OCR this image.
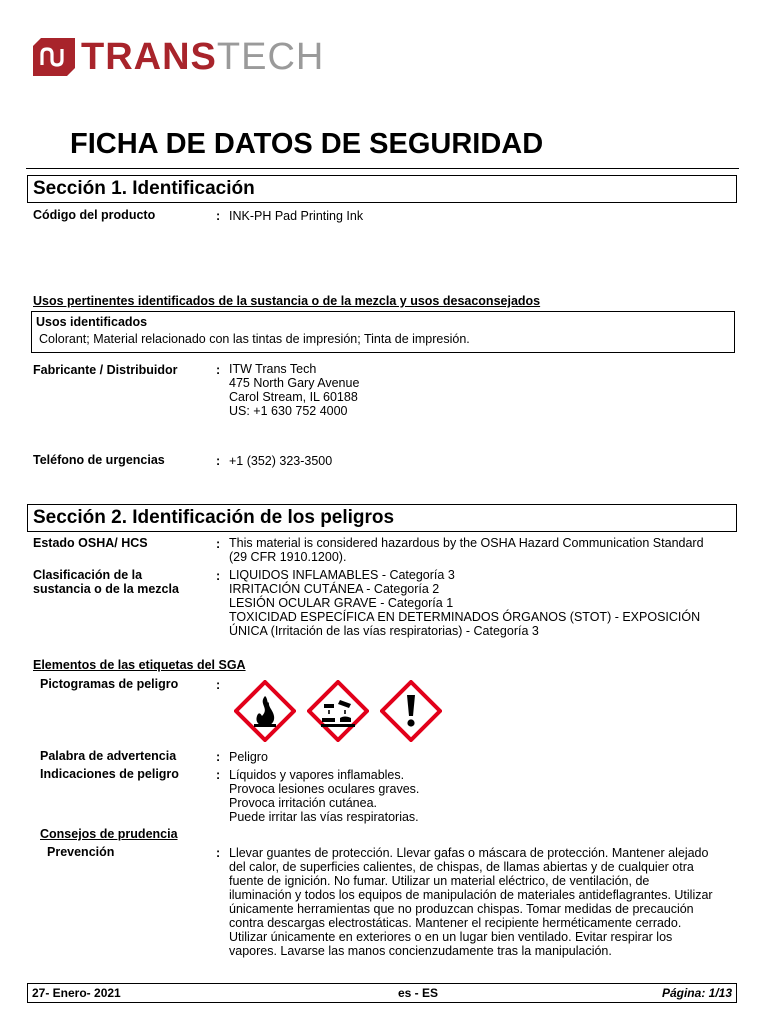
TRANSTECH
FICHA DE DATOS DE SEGURIDAD
Sección 1. Identificación
Código del producto	: INK-PH Pad Printing Ink
Usos pertinentes identificados de la sustancia o de la mezcla y usos desaconsejados
Usos identificados
Colorant; Material relacionado con las tintas de impresión; Tinta de impresión.
Fabricante / Distribuidor	: ITW Trans Tech
475 North Gary Avenue
Carol Stream, IL 60188
US: +1 630 752 4000
Teléfono de urgencias	: +1 (352) 323-3500
Sección 2. Identificación de los peligros
Estado OSHA/ HCS	: This material is considered hazardous by the OSHA Hazard Communication Standard
(29 CFR 1910.1200).
Clasificación de la
sustancia o de la mezcla
: LIQUIDOS INFLAMABLES - Categoría 3
IRRITACIÓN CUTÁNEA - Categoría 2
LESIÓN OCULAR GRAVE - Categoría 1
TOXICIDAD ESPECÍFICA EN DETERMINADOS ÓRGANOS (STOT) - EXPOSICIÓN
ÚNICA (Irritación de las vías respiratorias) - Categoría 3
Elementos de las etiquetas del SGA
Pictogramas de peligro	:
Palabra de advertencia	: Peligro
Indicaciones de peligro	: Líquidos y vapores inflamables.
Provoca lesiones oculares graves.
Provoca irritación cutánea.
Puede irritar las vías respiratorias.
Consejos de prudencia
Prevención	: Llevar guantes de protección. Llevar gafas o máscara de protección. Mantener alejado
del calor, de superficies calientes, de chispas, de llamas abiertas y de cualquier otra
fuente de ignición. No fumar. Utilizar un material eléctrico, de ventilación, de
iluminación y todos los equipos de manipulación de materiales antideflagrantes. Utilizar
únicamente herramientas que no produzcan chispas. Tomar medidas de precaución
contra descargas electrostáticas. Mantener el recipiente herméticamente cerrado.
Utilizar únicamente en exteriores o en un lugar bien ventilado. Evitar respirar los
vapores. Lavarse las manos concienzudamente tras la manipulación.
27- Enero- 2021	es - ES	Página: 1/13
